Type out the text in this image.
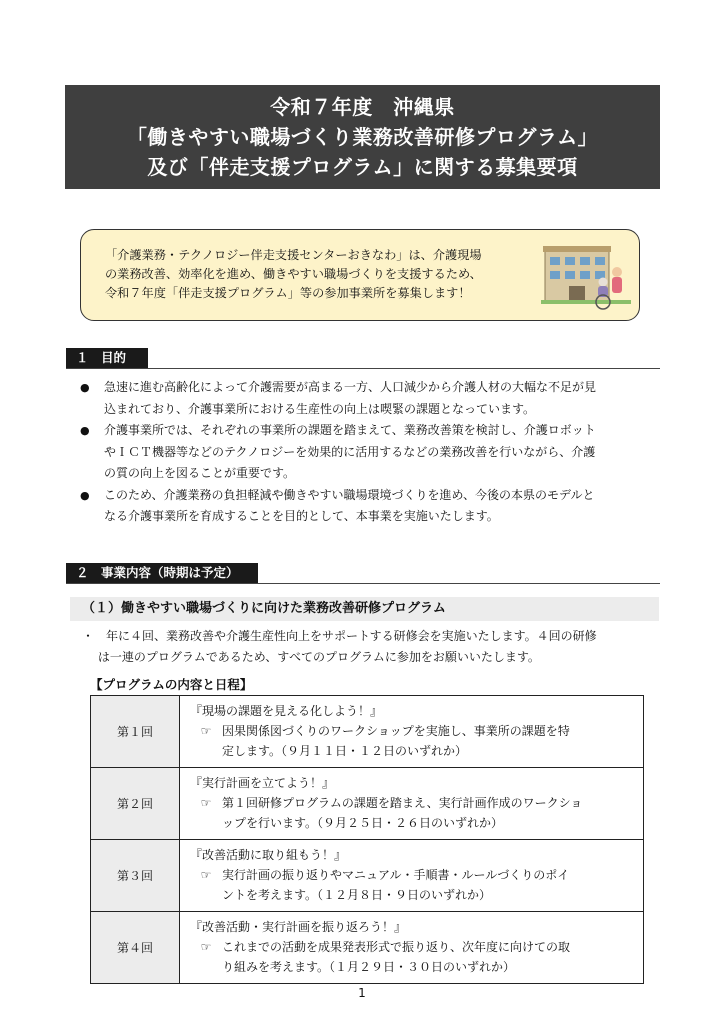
令和７年度　沖縄県
「働きやすい職場づくり業務改善研修プログラム」
及び「伴走支援プログラム」に関する募集要項
「介護業務・テクノロジー伴走支援センターおきなわ」は、介護現場
の業務改善、効率化を進め、働きやすい職場づくりを支援するため、
令和７年度「伴走支援プログラム」等の参加事業所を募集します！
１　目的
●	急速に進む高齢化によって介護需要が高まる一方、人口減少から介護人材の大幅な不足が見
込まれており、介護事業所における生産性の向上は喫緊の課題となっています。
●	介護事業所では、それぞれの事業所の課題を踏まえて、業務改善策を検討し、介護ロボット
やＩＣＴ機器等などのテクノロジーを効果的に活用するなどの業務改善を行いながら、介護
の質の向上を図ることが重要です。
●	このため、介護業務の負担軽減や働きやすい職場環境づくりを進め、今後の本県のモデルと
なる介護事業所を育成することを目的として、本事業を実施いたします。
２　事業内容（時期は予定）
（１）働きやすい職場づくりに向けた業務改善研修プログラム
・　年に４回、業務改善や介護生産性向上をサポートする研修会を実施いたします。４回の研修
　 は一連のプログラムであるため、すべてのプログラムに参加をお願いいたします。
【プログラムの内容と日程】
第１回	『現場の課題を見える化しよう！』
☞ 因果関係図づくりのワークショップを実施し、事業所の課題を特
定します。（９月１１日・１２日のいずれか）

第２回	『実行計画を立てよう！』
☞ 第１回研修プログラムの課題を踏まえ、実行計画作成のワークショ
ップを行います。（９月２５日・２６日のいずれか）

第３回	『改善活動に取り組もう！』
☞ 実行計画の振り返りやマニュアル・手順書・ルールづくりのポイ
ントを考えます。（１２月８日・９日のいずれか）

第４回	『改善活動・実行計画を振り返ろう！』
☞ これまでの活動を成果発表形式で振り返り、次年度に向けての取
り組みを考えます。（１月２９日・３０日のいずれか）
1
